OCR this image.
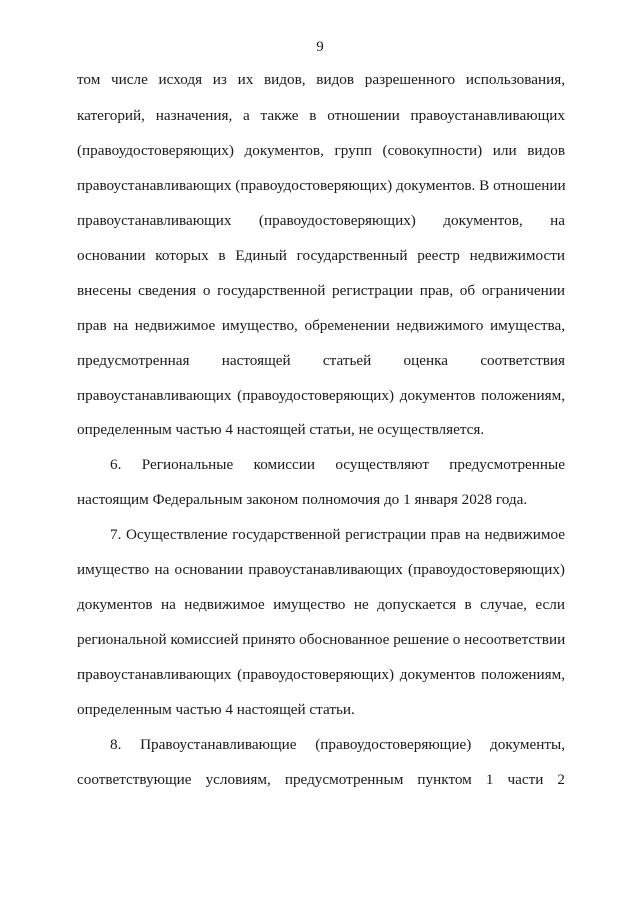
9
том числе исходя из их видов, видов разрешенного использования,
категорий, назначения, а также в отношении правоустанавливающих
(правоудостоверяющих) документов, групп (совокупности) или видов
правоустанавливающих (правоудостоверяющих) документов. В отношении
правоустанавливающих (правоудостоверяющих) документов, на
основании которых в Единый государственный реестр недвижимости
внесены сведения о государственной регистрации прав, об ограничении
прав на недвижимое имущество, обременении недвижимого имущества,
предусмотренная настоящей статьей оценка соответствия
правоустанавливающих (правоудостоверяющих) документов положениям,
определенным частью 4 настоящей статьи, не осуществляется.
6. Региональные комиссии осуществляют предусмотренные
настоящим Федеральным законом полномочия до 1 января 2028 года.
7. Осуществление государственной регистрации прав на недвижимое
имущество на основании правоустанавливающих (правоудостоверяющих)
документов на недвижимое имущество не допускается в случае, если
региональной комиссией принято обоснованное решение о несоответствии
правоустанавливающих (правоудостоверяющих) документов положениям,
определенным частью 4 настоящей статьи.
8. Правоустанавливающие (правоудостоверяющие) документы,
соответствующие условиям, предусмотренным пунктом 1 части 2
